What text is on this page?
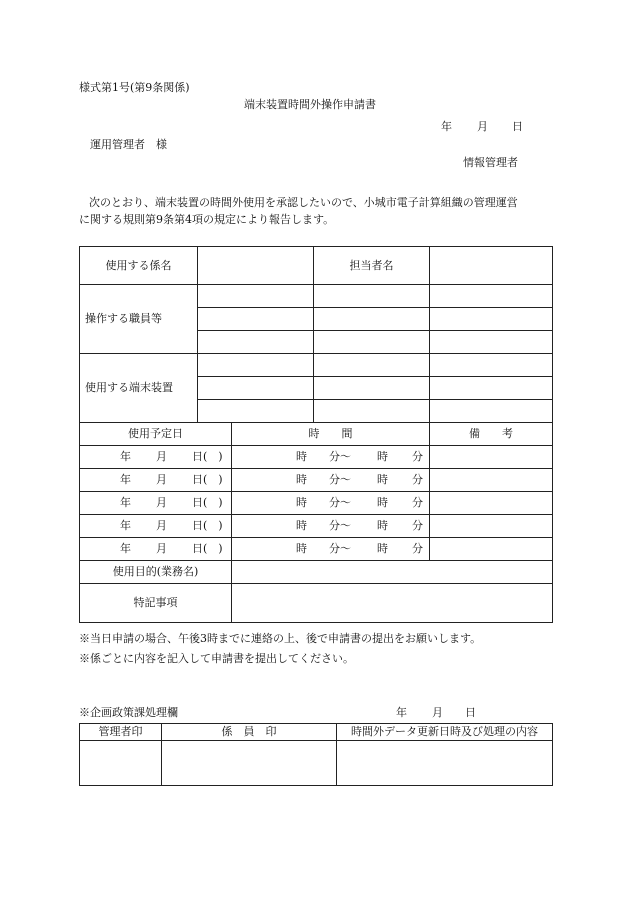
様式第1号(第9条関係)
端末装置時間外操作申請書
年 月 日
運用管理者　様
情報管理者
次のとおり、端末装置の時間外使用を承認したいので、小城市電子計算組織の管理運営
に関する規則第9条第4項の規定により報告します。
使用する係名			担当者名	
操作する職員等				

使用する端末装置				

使用予定日		時　　間		備　　考

年 月 日(　)		時 分〜 時 分		

年 月 日(　)		時 分〜 時 分		

年 月 日(　)		時 分〜 時 分		

年 月 日(　)		時 分〜 時 分		

年 月 日(　)		時 分〜 時 分		

使用目的(業務名)				
特記事項				
※当日申請の場合、午後3時までに連絡の上、後で申請書の提出をお願いします。
※係ごとに内容を記入して申請書を提出してください。
※企画政策課処理欄	年 月 日
管理者印	係　員　印	時間外データ更新日時及び処理の内容
